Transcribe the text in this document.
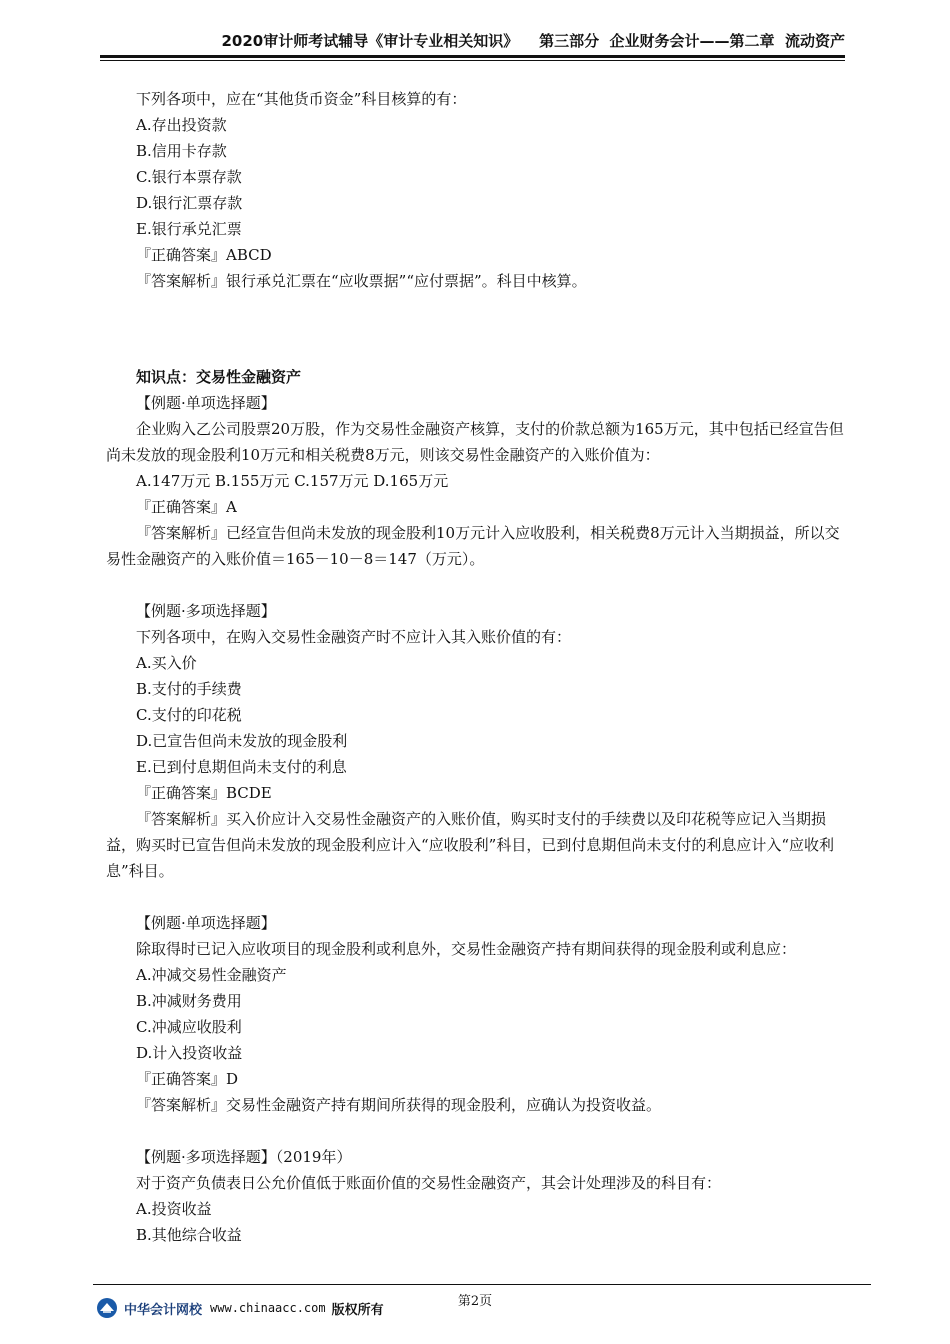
2020审计师考试辅导《审计专业相关知识》    第三部分  企业财务会计——第二章  流动资产
下列各项中，应在“其他货币资金”科目核算的有：
A.存出投资款
B.信用卡存款
C.银行本票存款
D.银行汇票存款
E.银行承兑汇票
『正确答案』ABCD
『答案解析』银行承兑汇票在“应收票据”“应付票据”。科目中核算。
知识点：交易性金融资产
【例题·单项选择题】
企业购入乙公司股票20万股，作为交易性金融资产核算，支付的价款总额为165万元，其中包括已经宣告但尚未发放的现金股利10万元和相关税费8万元，则该交易性金融资产的入账价值为：
A.147万元 B.155万元 C.157万元 D.165万元
『正确答案』A
『答案解析』已经宣告但尚未发放的现金股利10万元计入应收股利，相关税费8万元计入当期损益，所以交易性金融资产的入账价值＝165－10－8＝147（万元）。
【例题·多项选择题】
下列各项中，在购入交易性金融资产时不应计入其入账价值的有：
A.买入价
B.支付的手续费
C.支付的印花税
D.已宣告但尚未发放的现金股利
E.已到付息期但尚未支付的利息
『正确答案』BCDE
『答案解析』买入价应计入交易性金融资产的入账价值，购买时支付的手续费以及印花税等应记入当期损益，购买时已宣告但尚未发放的现金股利应计入“应收股利”科目，已到付息期但尚未支付的利息应计入“应收利息”科目。
【例题·单项选择题】
除取得时已记入应收项目的现金股利或利息外，交易性金融资产持有期间获得的现金股利或利息应：
A.冲减交易性金融资产
B.冲减财务费用
C.冲减应收股利
D.计入投资收益
『正确答案』D
『答案解析』交易性金融资产持有期间所获得的现金股利，应确认为投资收益。
【例题·多项选择题】（2019年）
对于资产负债表日公允价值低于账面价值的交易性金融资产，其会计处理涉及的科目有：
A.投资收益
B.其他综合收益
第2页
中华会计网校 www.chinaacc.com 版权所有
